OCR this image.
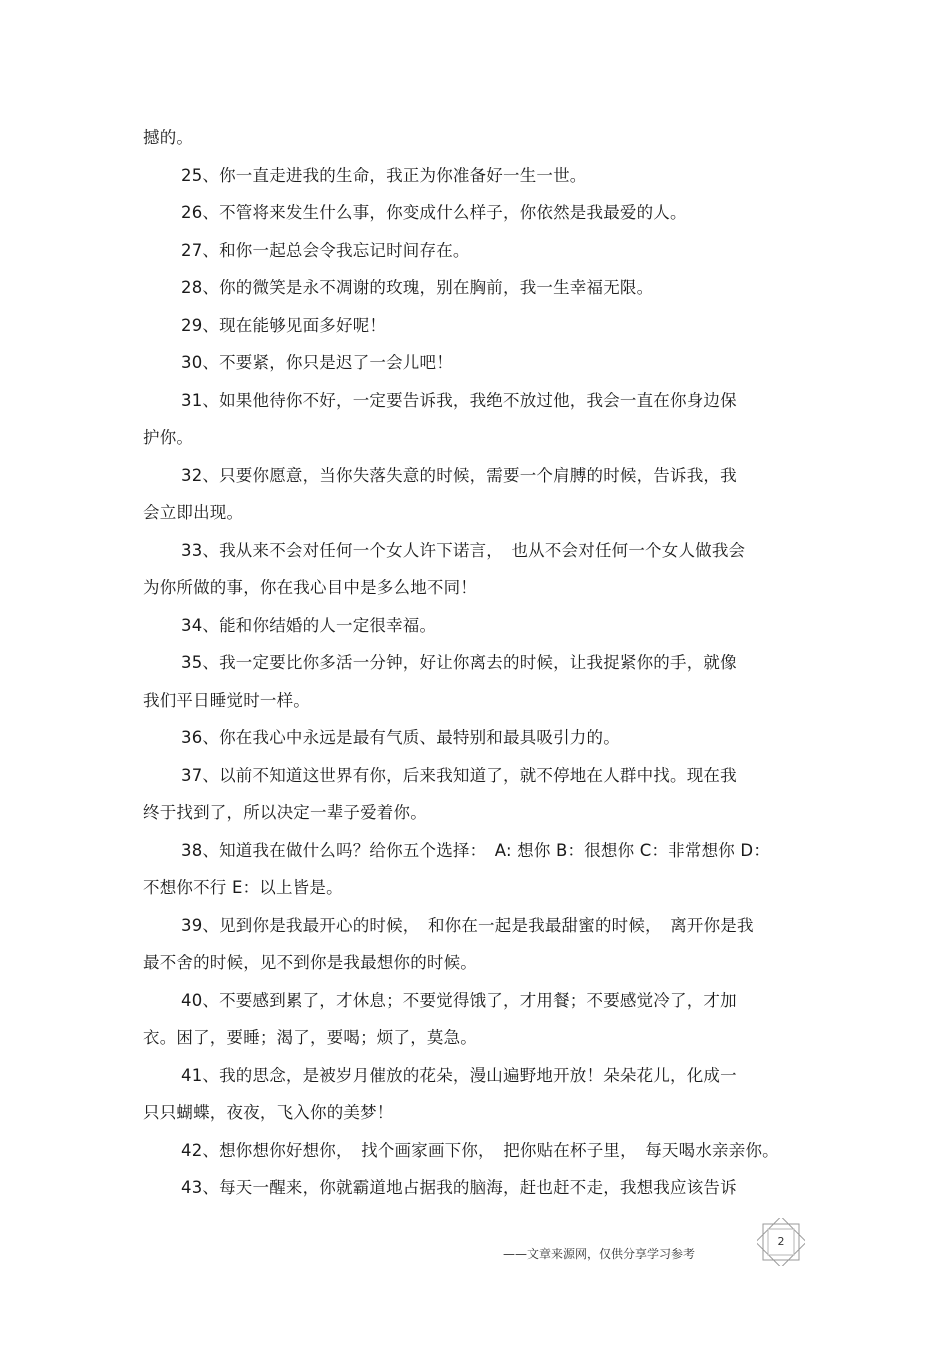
撼的。
25、你一直走进我的生命，我正为你准备好一生一世。
26、不管将来发生什么事，你变成什么样子，你依然是我最爱的人。
27、和你一起总会令我忘记时间存在。
28、你的微笑是永不凋谢的玫瑰，别在胸前，我一生幸福无限。
29、现在能够见面多好呢！
30、不要紧，你只是迟了一会儿吧！
31、如果他待你不好，一定要告诉我，我绝不放过他，我会一直在你身边保
护你。
32、只要你愿意，当你失落失意的时候，需要一个肩膊的时候，告诉我，我
会立即出现。
33、我从来不会对任何一个女人许下诺言，　也从不会对任何一个女人做我会
为你所做的事，你在我心目中是多么地不同！
34、能和你结婚的人一定很幸福。
35、我一定要比你多活一分钟，好让你离去的时候，让我捉紧你的手，就像
我们平日睡觉时一样。
36、你在我心中永远是最有气质、最特别和最具吸引力的。
37、以前不知道这世界有你，后来我知道了，就不停地在人群中找。现在我
终于找到了，所以决定一辈子爱着你。
38、知道我在做什么吗？给你五个选择：　A: 想你 B：很想你 C：非常想你 D：
不想你不行 E：以上皆是。
39、见到你是我最开心的时候，　和你在一起是我最甜蜜的时候，　离开你是我
最不舍的时候，见不到你是我最想你的时候。
40、不要感到累了，才休息；不要觉得饿了，才用餐；不要感觉冷了，才加
衣。困了，要睡；渴了，要喝；烦了，莫急。
41、我的思念，是被岁月催放的花朵，漫山遍野地开放！朵朵花儿，化成一
只只蝴蝶，夜夜，飞入你的美梦！
42、想你想你好想你，　找个画家画下你，　把你贴在杯子里，　每天喝水亲亲你。
43、每天一醒来，你就霸道地占据我的脑海，赶也赶不走，我想我应该告诉
——文章来源网，仅供分享学习参考
2
